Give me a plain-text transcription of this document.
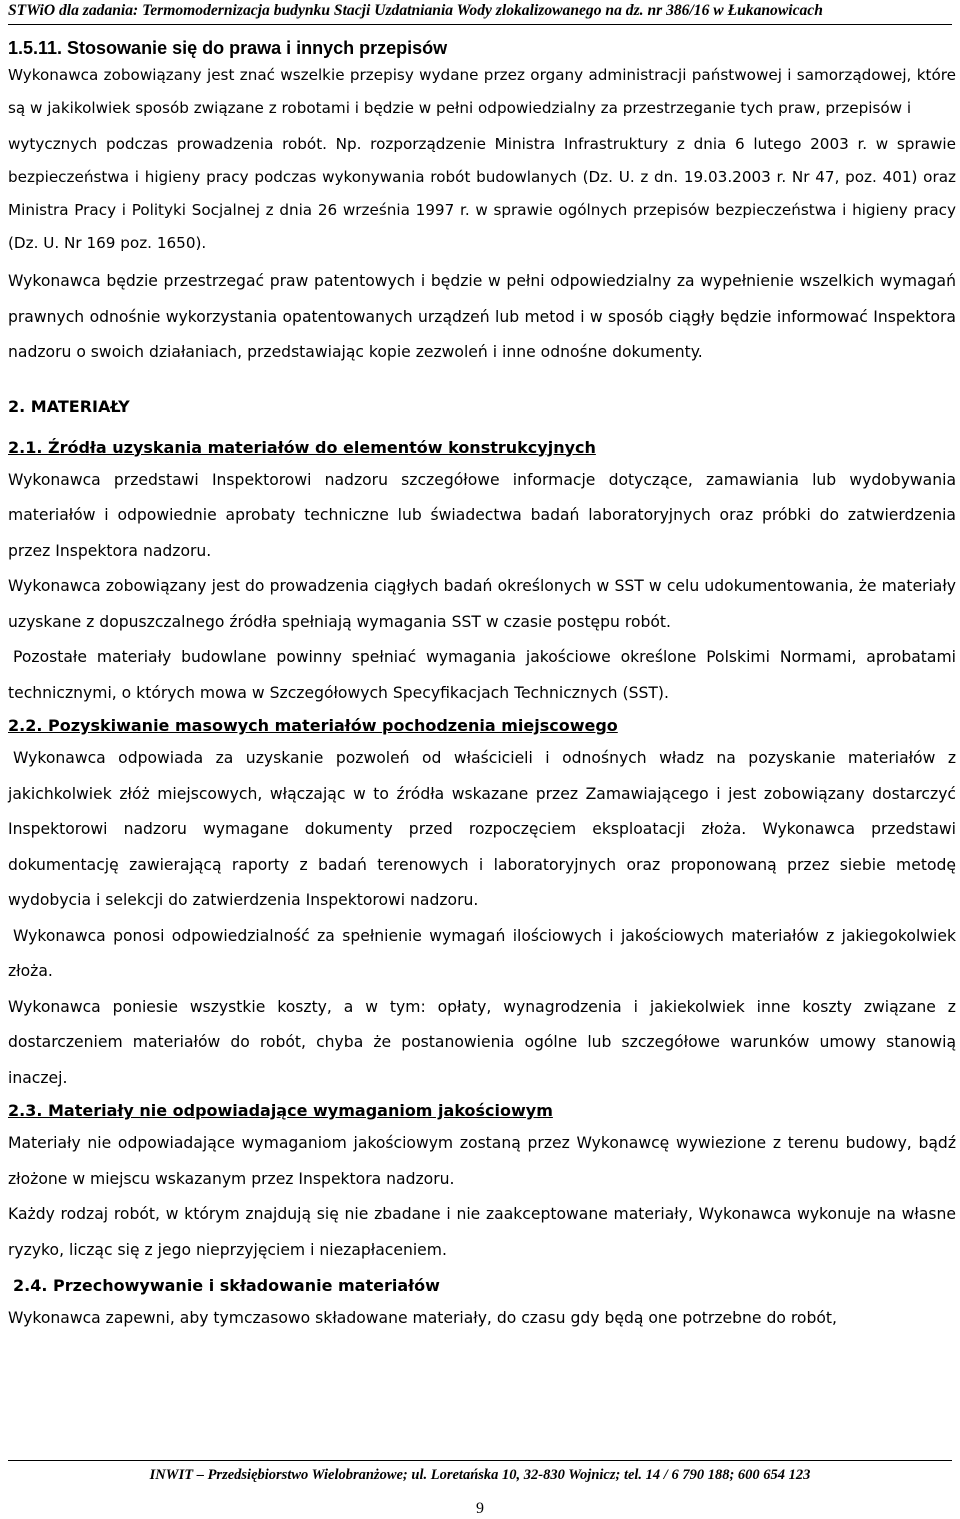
STWiO dla zadania: Termomodernizacja budynku Stacji Uzdatniania Wody zlokalizowanego na dz. nr 386/16 w Łukanowicach
1.5.11. Stosowanie się do prawa i innych przepisów

Wykonawca zobowiązany jest znać wszelkie przepisy wydane przez organy administracji państwowej i samorządowej, które są w jakikolwiek sposób związane z robotami i będzie w pełni odpowiedzialny za przestrzeganie tych praw, przepisów i

wytycznych podczas prowadzenia robót. Np. rozporządzenie Ministra Infrastruktury z dnia 6 lutego 2003 r. w sprawie bezpieczeństwa i higieny pracy podczas wykonywania robót budowlanych (Dz. U. z dn. 19.03.2003 r. Nr 47, poz. 401) oraz Ministra Pracy i Polityki Socjalnej z dnia 26 września 1997 r. w sprawie ogólnych przepisów bezpieczeństwa i higieny pracy (Dz. U. Nr 169 poz. 1650).

Wykonawca będzie przestrzegać praw patentowych i będzie w pełni odpowiedzialny za wypełnienie wszelkich wymagań prawnych odnośnie wykorzystania opatentowanych urządzeń lub metod i w sposób ciągły będzie informować Inspektora nadzoru o swoich działaniach, przedstawiając kopie zezwoleń i inne odnośne dokumenty.

2. MATERIAŁY
2.1. Źródła uzyskania materiałów do elementów konstrukcyjnych

Wykonawca przedstawi Inspektorowi nadzoru szczegółowe informacje dotyczące, zamawiania lub wydobywania materiałów i odpowiednie aprobaty techniczne lub świadectwa badań laboratoryjnych oraz próbki do zatwierdzenia przez Inspektora nadzoru.

Wykonawca zobowiązany jest do prowadzenia ciągłych badań określonych w SST w celu udokumentowania, że materiały uzyskane z dopuszczalnego źródła spełniają wymagania SST w czasie postępu robót.

Pozostałe materiały budowlane powinny spełniać wymagania jakościowe określone Polskimi Normami, aprobatami technicznymi, o których mowa w Szczegółowych Specyfikacjach Technicznych (SST).

2.2. Pozyskiwanie masowych materiałów pochodzenia miejscowego

Wykonawca odpowiada za uzyskanie pozwoleń od właścicieli i odnośnych władz na pozyskanie materiałów z jakichkolwiek złóż miejscowych, włączając w to źródła wskazane przez Zamawiającego i jest zobowiązany dostarczyć Inspektorowi nadzoru wymagane dokumenty przed rozpoczęciem eksploatacji złoża. Wykonawca przedstawi dokumentację zawierającą raporty z badań terenowych i laboratoryjnych oraz proponowaną przez siebie metodę wydobycia i selekcji do zatwierdzenia Inspektorowi nadzoru.

Wykonawca ponosi odpowiedzialność za spełnienie wymagań ilościowych i jakościowych materiałów z jakiegokolwiek złoża.

Wykonawca poniesie wszystkie koszty, a w tym: opłaty, wynagrodzenia i jakiekolwiek inne koszty związane z dostarczeniem materiałów do robót, chyba że postanowienia ogólne lub szczegółowe warunków umowy stanowią inaczej.

2.3. Materiały nie odpowiadające wymaganiom jakościowym

Materiały nie odpowiadające wymaganiom jakościowym zostaną przez Wykonawcę wywiezione z terenu budowy, bądź złożone w miejscu wskazanym przez Inspektora nadzoru.

Każdy rodzaj robót, w którym znajdują się nie zbadane i nie zaakceptowane materiały, Wykonawca wykonuje na własne ryzyko, licząc się z jego nieprzyjęciem i niezapłaceniem.

2.4. Przechowywanie i składowanie materiałów

Wykonawca zapewni, aby tymczasowo składowane materiały, do czasu gdy będą one potrzebne do robót,

INWIT – Przedsiębiorstwo Wielobranżowe; ul. Loretańska 10, 32-830 Wojnicz; tel. 14 / 6 790 188; 600 654 123
9
